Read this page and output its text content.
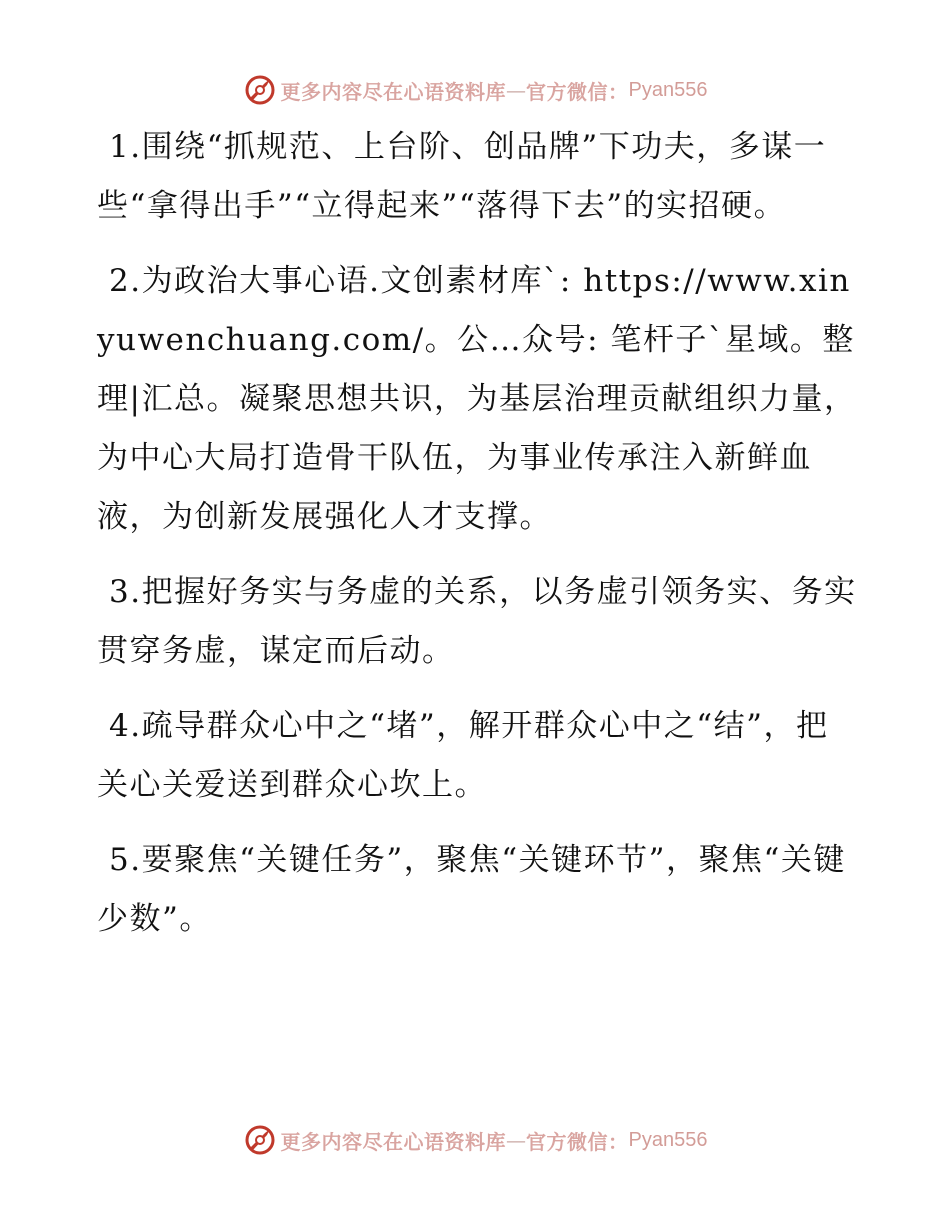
更多内容尽在心语资料库 — 官方微信： Pyan556

1.围绕“抓规范、上台阶、创品牌”下功夫，多谋一些“拿得出手”“立得起来”“落得下去”的实招硬。

2.为政治大事心语.文创素材库`: https://www.xinyuwenchuang.com/。公…众号: 笔杆子`星域。整理|汇总。凝聚思想共识，为基层治理贡献组织力量，为中心大局打造骨干队伍，为事业传承注入新鲜血液，为创新发展强化人才支撑。

3.把握好务实与务虚的关系，以务虚引领务实、务实贯穿务虚，谋定而后动。

4.疏导群众心中之“堵”，解开群众心中之“结”，把关心关爱送到群众心坎上。

5.要聚焦“关键任务”，聚焦“关键环节”，聚焦“关键少数”。

更多内容尽在心语资料库 — 官方微信： Pyan556
